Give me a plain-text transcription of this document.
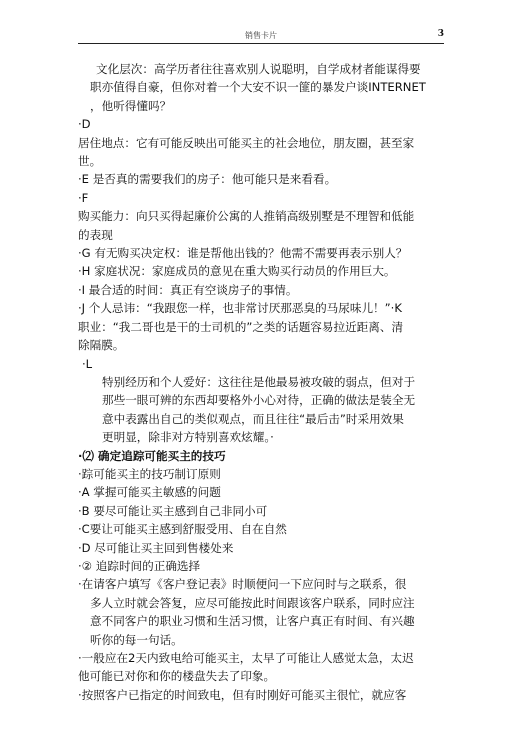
销售卡片	3
文化层次：高学历者往往喜欢别人说聪明，自学成材者能谋得要
职亦值得自豪，但你对着一个大安不识一篚的暴发户谈INTERNET
，他听得懂吗？
·D
居住地点：它有可能反映出可能买主的社会地位，朋友圈，甚至家
世。
·E 是否真的需要我们的房子：他可能只是来看看。
·F
购买能力：向只买得起廉价公寓的人推销高级别墅是不理智和低能
的表现
·G 有无购买决定权：谁是帮他出钱的？他需不需要再表示别人？
·H 家庭状况：家庭成员的意见在重大购买行动员的作用巨大。
·I 最合适的时间：真正有空谈房子的事情。
·J 个人忌讳：“我跟您一样，也非常讨厌那恶臭的马尿味儿！”·K
职业：“我二哥也是干的士司机的”之类的话题容易拉近距离、清
除隔膜。
·L
特别经历和个人爱好：这往往是他最易被攻破的弱点，但对于
那些一眼可辨的东西却要格外小心对待，正确的做法是装全无
意中表露出自己的类似观点，而且往往“最后击”时采用效果
更明显，除非对方特别喜欢炫耀。·
·⑵ 确定追踪可能买主的技巧
·踪可能买主的技巧制订原则
·A 掌握可能买主敏感的问题
·B 要尽可能让买主感到自己非同小可
·C要让可能买主感到舒服受用、自在自然
·D 尽可能让买主回到售楼处来
·② 追踪时间的正确选择
·在请客户填写《客户登记表》时顺便问一下应问时与之联系，很
多人立时就会答复，应尽可能按此时间跟该客户联系，同时应注
意不同客户的职业习惯和生活习惯，让客户真正有时间、有兴趣
听你的每一句话。
·一般应在2天内致电给可能买主，太早了可能让人感觉太急，太迟
他可能已对你和你的楼盘失去了印象。
·按照客户已指定的时间致电，但有时刚好可能买主很忙，就应客
